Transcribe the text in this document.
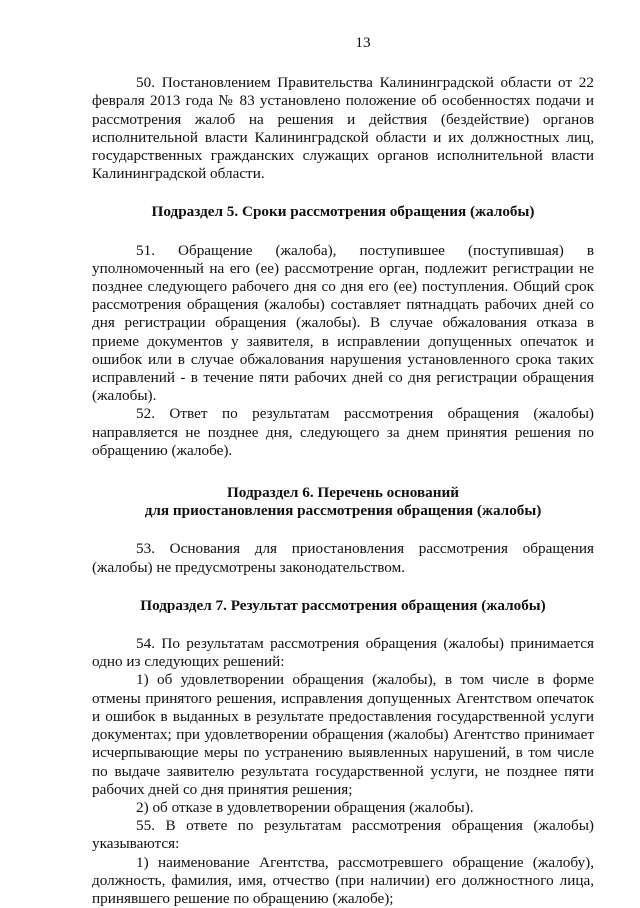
13

50. Постановлением Правительства Калининградской области от 22 февраля 2013 года № 83 установлено положение об особенностях подачи и рассмотрения жалоб на решения и действия (бездействие) органов исполнительной власти Калининградской области и их должностных лиц, государственных гражданских служащих органов исполнительной власти Калининградской области.

Подраздел 5. Сроки рассмотрения обращения (жалобы)

51. Обращение (жалоба), поступившее (поступившая) в уполномоченный на его (ее) рассмотрение орган, подлежит регистрации не позднее следующего рабочего дня со дня его (ее) поступления. Общий срок рассмотрения обращения (жалобы) составляет пятнадцать рабочих дней со дня регистрации обращения (жалобы). В случае обжалования отказа в приеме документов у заявителя, в исправлении допущенных опечаток и ошибок или в случае обжалования нарушения установленного срока таких исправлений - в течение пяти рабочих дней со дня регистрации обращения (жалобы).

52. Ответ по результатам рассмотрения обращения (жалобы) направляется не позднее дня, следующего за днем принятия решения по обращению (жалобе).

Подраздел 6. Перечень оснований
для приостановления рассмотрения обращения (жалобы)

53. Основания для приостановления рассмотрения обращения (жалобы) не предусмотрены законодательством.

Подраздел 7. Результат рассмотрения обращения (жалобы)

54. По результатам рассмотрения обращения (жалобы) принимается одно из следующих решений:

1) об удовлетворении обращения (жалобы), в том числе в форме отмены принятого решения, исправления допущенных Агентством опечаток и ошибок в выданных в результате предоставления государственной услуги документах; при удовлетворении обращения (жалобы) Агентство принимает исчерпывающие меры по устранению выявленных нарушений, в том числе по выдаче заявителю результата государственной услуги, не позднее пяти рабочих дней со дня принятия решения;

2) об отказе в удовлетворении обращения (жалобы).

55. В ответе по результатам рассмотрения обращения (жалобы) указываются:

1) наименование Агентства, рассмотревшего обращение (жалобу), должность, фамилия, имя, отчество (при наличии) его должностного лица, принявшего решение по обращению (жалобе);
